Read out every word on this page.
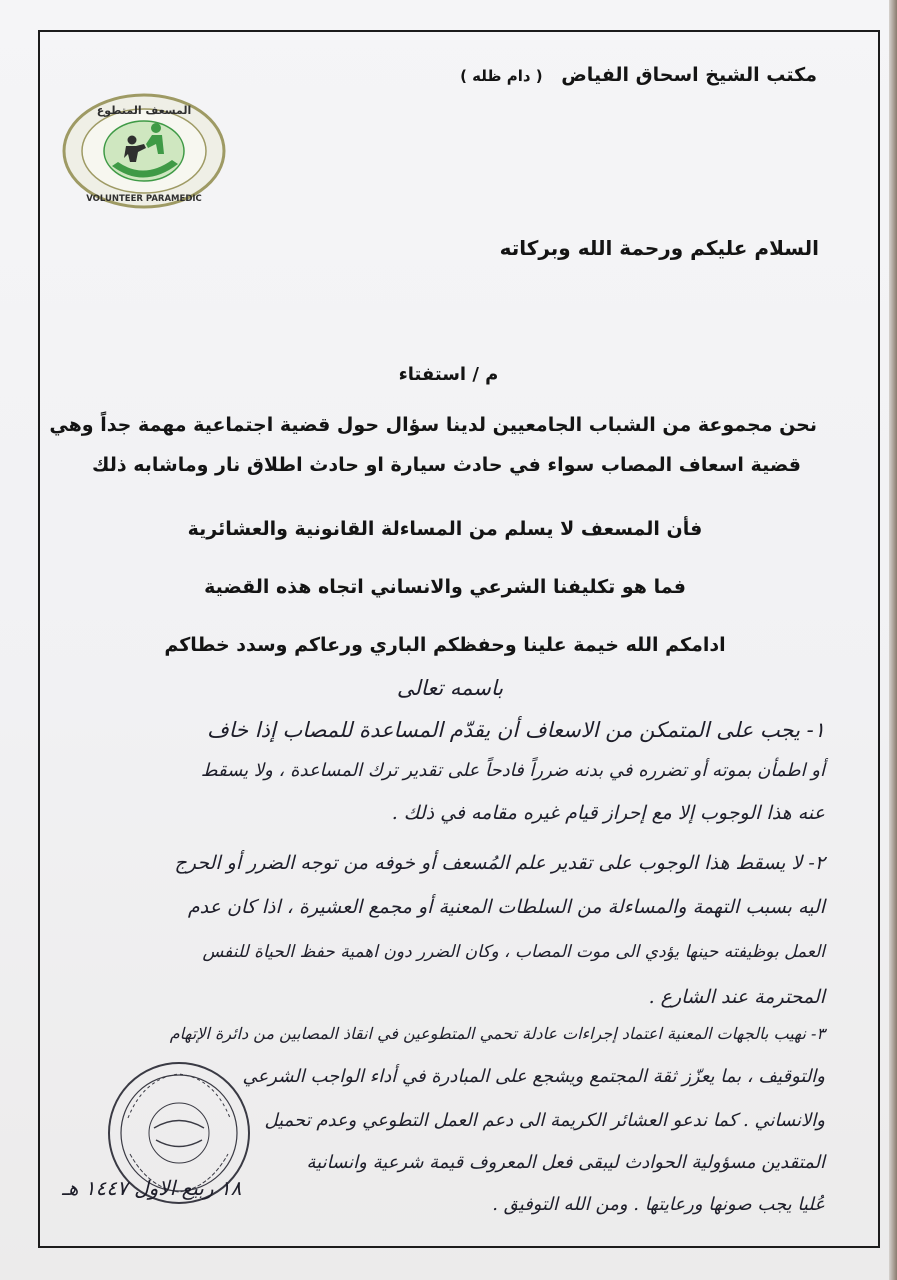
مكتب الشيخ اسحاق الفياض ( دام ظله )
المسعف المتطوع
VOLUNTEER PARAMEDIC
السلام عليكم ورحمة الله وبركاته
م / استفتاء
نحن مجموعة من الشباب الجامعيين لدينا سؤال حول قضية اجتماعية مهمة جداً وهي
قضية اسعاف المصاب سواء في حادث سيارة او حادث اطلاق نار وماشابه ذلك
فأن المسعف لا يسلم من المساءلة القانونية والعشائرية
فما هو تكليفنا الشرعي والانساني اتجاه هذه القضية
ادامكم الله خيمة علينا وحفظكم الباري ورعاكم وسدد خطاكم
باسمه تعالى
١- يجب على المتمكن من الاسعاف أن يقدّم المساعدة للمصاب إذا خاف
أو اطمأن بموته أو تضرره في بدنه ضرراً فادحاً على تقدير ترك المساعدة ، ولا يسقط
عنه هذا الوجوب إلا مع إحراز قيام غيره مقامه في ذلك .
٢- لا يسقط هذا الوجوب على تقدير علم المُسعف أو خوفه من توجه الضرر أو الحرج
اليه بسبب التهمة والمساءلة من السلطات المعنية أو مجمع العشيرة ، اذا كان عدم
العمل بوظيفته حينها يؤدي الى موت المصاب ، وكان الضرر دون اهمية حفظ الحياة للنفس
المحترمة عند الشارع .
٣- نهيب بالجهات المعنية اعتماد إجراءات عادلة تحمي المتطوعين في انقاذ المصابين من دائرة الإتهام
والتوقيف ، بما يعزّز ثقة المجتمع ويشجع على المبادرة في أداء الواجب الشرعي
والانساني . كما ندعو العشائر الكريمة الى دعم العمل التطوعي وعدم تحميل
المتقدين مسؤولية الحوادث ليبقى فعل المعروف قيمة شرعية وانسانية
عُليا يجب صونها ورعايتها . ومن الله التوفيق .
١٨ ربيع الاول ١٤٤٧ هـ
